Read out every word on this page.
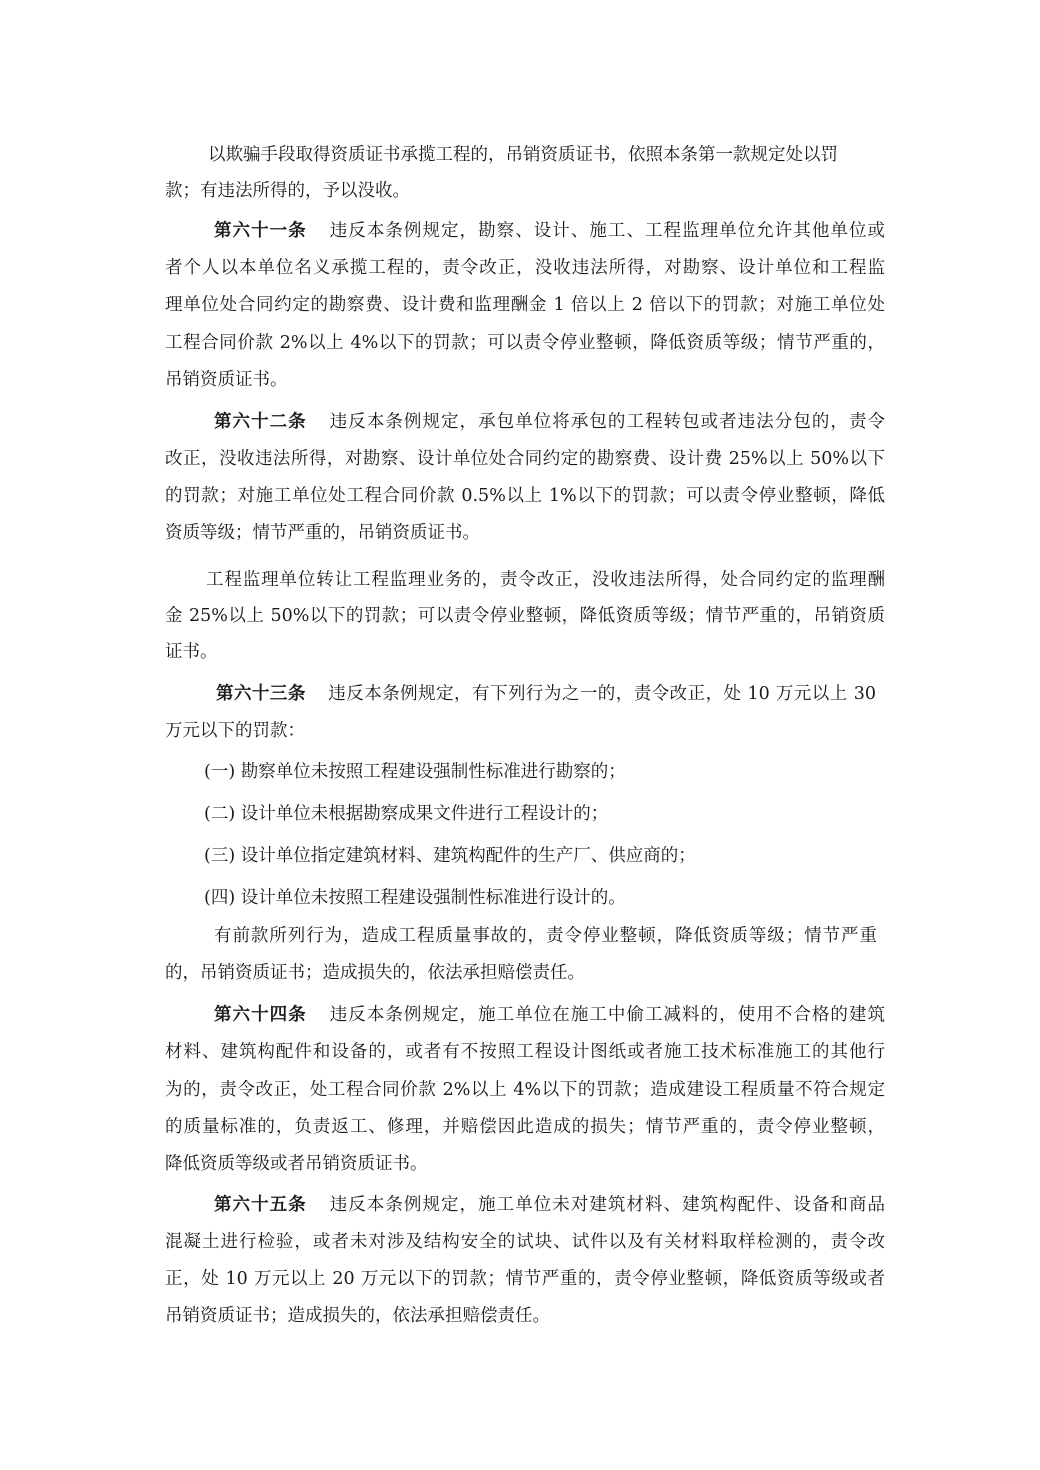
以欺骗手段取得资质证书承揽工程的，吊销资质证书，依照本条第一款规定处以罚
款；有违法所得的，予以没收。
第六十一条 违反本条例规定，勘察、设计、施工、工程监理单位允许其他单位或
者个人以本单位名义承揽工程的，责令改正，没收违法所得，对勘察、设计单位和工程监
理单位处合同约定的勘察费、设计费和监理酬金 1 倍以上 2 倍以下的罚款；对施工单位处
工程合同价款 2%以上 4%以下的罚款；可以责令停业整顿，降低资质等级；情节严重的，
吊销资质证书。
第六十二条 违反本条例规定，承包单位将承包的工程转包或者违法分包的，责令
改正，没收违法所得，对勘察、设计单位处合同约定的勘察费、设计费 25%以上 50%以下
的罚款；对施工单位处工程合同价款 0.5%以上 1%以下的罚款；可以责令停业整顿，降低
资质等级；情节严重的，吊销资质证书。
工程监理单位转让工程监理业务的，责令改正，没收违法所得，处合同约定的监理酬
金 25%以上 50%以下的罚款；可以责令停业整顿，降低资质等级；情节严重的，吊销资质
证书。
第六十三条 违反本条例规定，有下列行为之一的，责令改正，处 10 万元以上 30
万元以下的罚款：
(一) 勘察单位未按照工程建设强制性标准进行勘察的；
(二) 设计单位未根据勘察成果文件进行工程设计的；
(三) 设计单位指定建筑材料、建筑构配件的生产厂、供应商的；
(四) 设计单位未按照工程建设强制性标准进行设计的。
有前款所列行为，造成工程质量事故的，责令停业整顿，降低资质等级；情节严重
的，吊销资质证书；造成损失的，依法承担赔偿责任。
第六十四条 违反本条例规定，施工单位在施工中偷工减料的，使用不合格的建筑
材料、建筑构配件和设备的，或者有不按照工程设计图纸或者施工技术标准施工的其他行
为的，责令改正，处工程合同价款 2%以上 4%以下的罚款；造成建设工程质量不符合规定
的质量标准的，负责返工、修理，并赔偿因此造成的损失；情节严重的，责令停业整顿，
降低资质等级或者吊销资质证书。
第六十五条 违反本条例规定，施工单位未对建筑材料、建筑构配件、设备和商品
混凝土进行检验，或者未对涉及结构安全的试块、试件以及有关材料取样检测的，责令改
正，处 10 万元以上 20 万元以下的罚款；情节严重的，责令停业整顿，降低资质等级或者
吊销资质证书；造成损失的，依法承担赔偿责任。
